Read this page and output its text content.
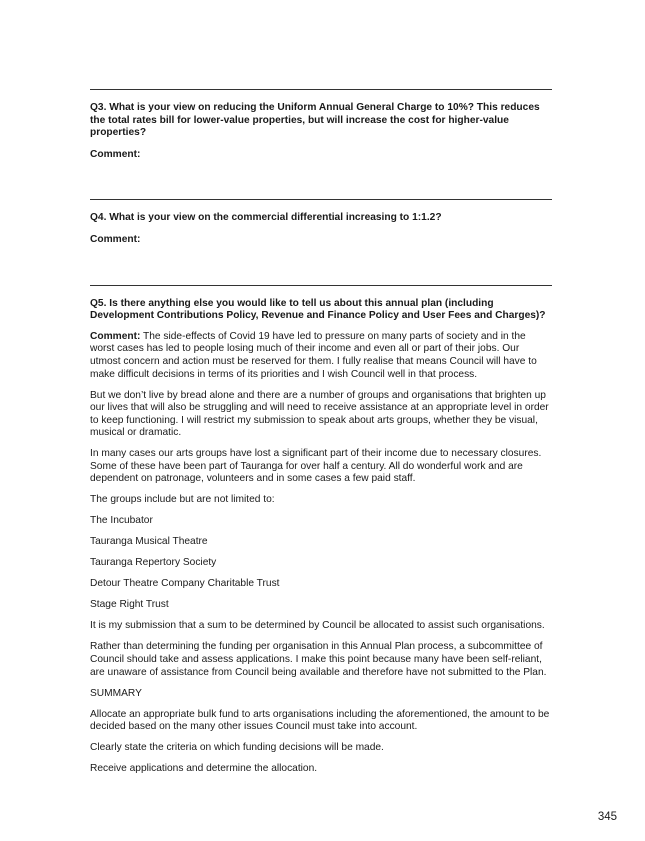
Q3. What is your view on reducing the Uniform Annual General Charge to 10%? This reduces the total rates bill for lower-value properties, but will increase the cost for higher-value properties?

Comment:

Q4. What is your view on the commercial differential increasing to 1:1.2?

Comment:

Q5. Is there anything else you would like to tell us about this annual plan (including Development Contributions Policy, Revenue and Finance Policy and User Fees and Charges)?

Comment: The side-effects of Covid 19 have led to pressure on many parts of society and in the worst cases has led to people losing much of their income and even all or part of their jobs. Our utmost concern and action must be reserved for them. I fully realise that means Council will have to make difficult decisions in terms of its priorities and I wish Council well in that process.

But we don’t live by bread alone and there are a number of groups and organisations that brighten up our lives that will also be struggling and will need to receive assistance at an appropriate level in order to keep functioning. I will restrict my submission to speak about arts groups, whether they be visual, musical or dramatic.

In many cases our arts groups have lost a significant part of their income due to necessary closures. Some of these have been part of Tauranga for over half a century. All do wonderful work and are dependent on patronage, volunteers and in some cases a few paid staff.

The groups include but are not limited to:

The Incubator

Tauranga Musical Theatre

Tauranga Repertory Society

Detour Theatre Company Charitable Trust

Stage Right Trust

It is my submission that a sum to be determined by Council be allocated to assist such organisations.

Rather than determining the funding per organisation in this Annual Plan process, a subcommittee of Council should take and assess applications. I make this point because many have been self-reliant, are unaware of assistance from Council being available and therefore have not submitted to the Plan.

SUMMARY

Allocate an appropriate bulk fund to arts organisations including the aforementioned, the amount to be decided based on the many other issues Council must take into account.

Clearly state the criteria on which funding decisions will be made.

Receive applications and determine the allocation.

345
